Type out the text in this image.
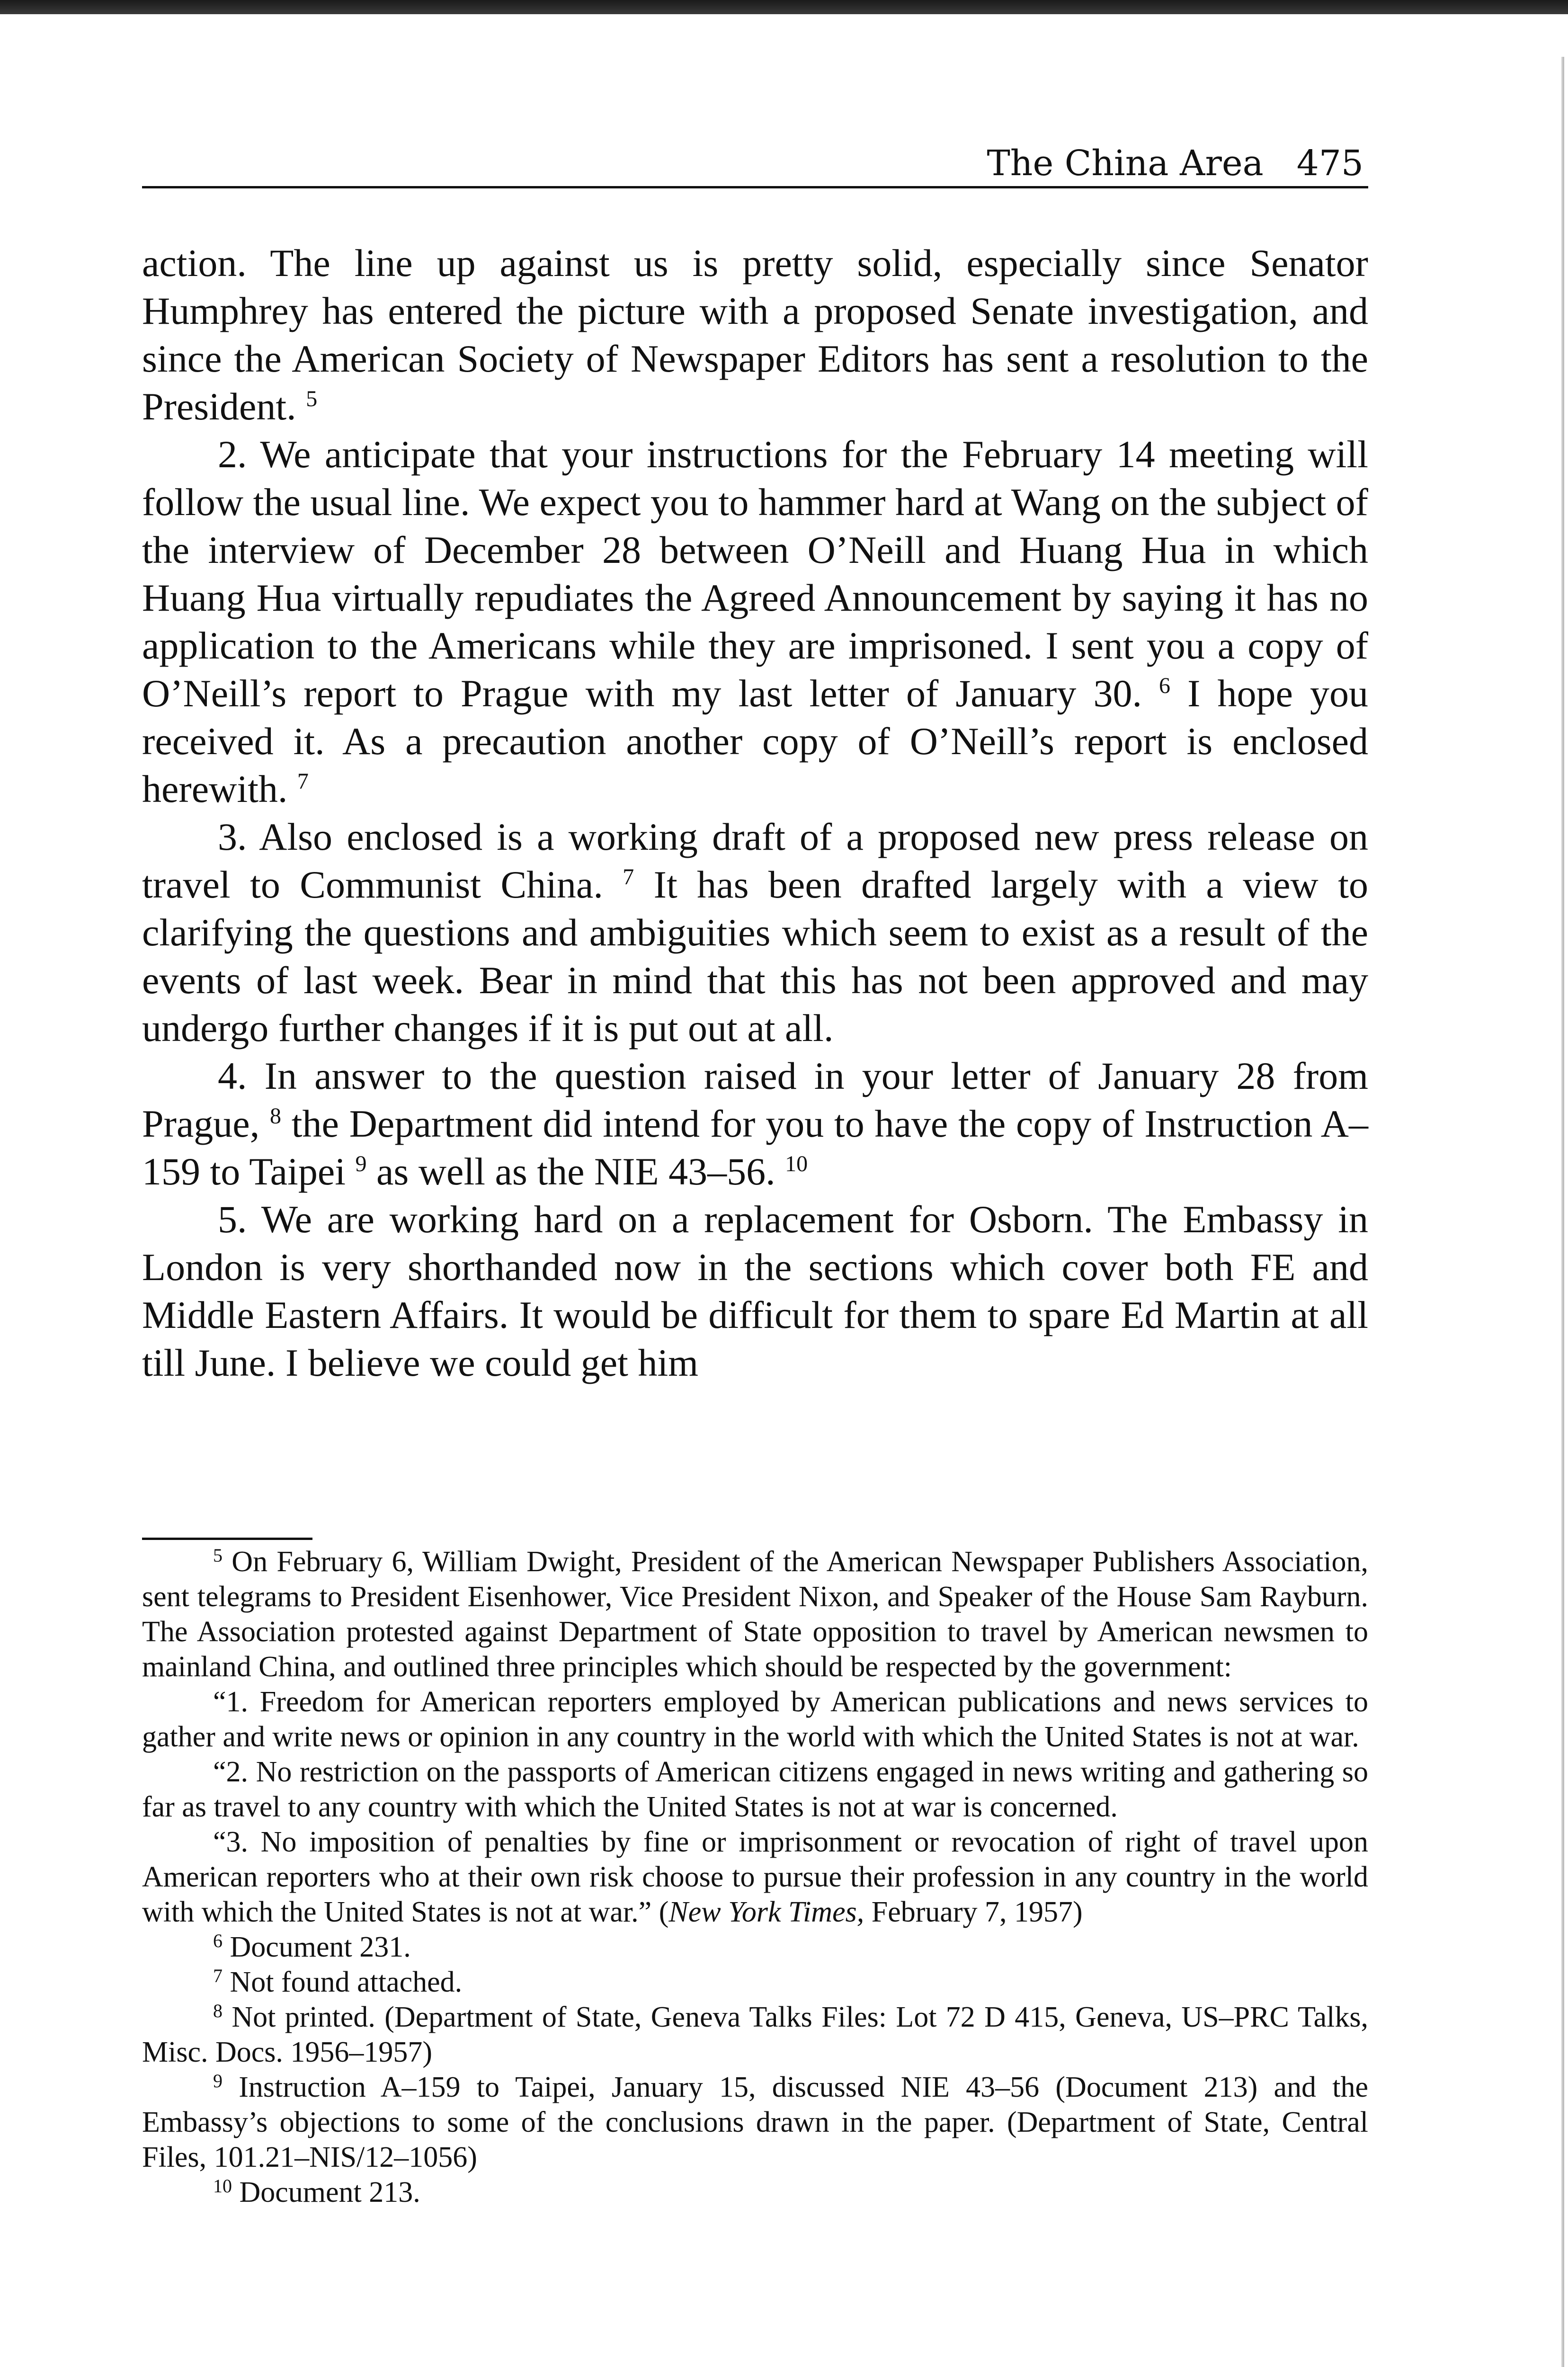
The China Area 475

action. The line up against us is pretty solid, especially since Senator Humphrey has entered the picture with a proposed Senate investigation, and since the American Society of Newspaper Editors has sent a resolution to the President. $^5$

2. We anticipate that your instructions for the February 14 meeting will follow the usual line. We expect you to hammer hard at Wang on the subject of the interview of December 28 between O’Neill and Huang Hua in which Huang Hua virtually repudiates the Agreed Announcement by saying it has no application to the Americans while they are imprisoned. I sent you a copy of O’Neill’s report to Prague with my last letter of January 30. $^6$ I hope you received it. As a precaution another copy of O’Neill’s report is enclosed herewith. $^7$

3. Also enclosed is a working draft of a proposed new press release on travel to Communist China. $^7$ It has been drafted largely with a view to clarifying the questions and ambiguities which seem to exist as a result of the events of last week. Bear in mind that this has not been approved and may undergo further changes if it is put out at all.

4. In answer to the question raised in your letter of January 28 from Prague, $^8$ the Department did intend for you to have the copy of Instruction A–159 to Taipei $^9$ as well as the NIE 43–56. $^{10}$

5. We are working hard on a replacement for Osborn. The Embassy in London is very shorthanded now in the sections which cover both FE and Middle Eastern Affairs. It would be difficult for them to spare Ed Martin at all till June. I believe we could get him

$^5$ On February 6, William Dwight, President of the American Newspaper Publishers Association, sent telegrams to President Eisenhower, Vice President Nixon, and Speaker of the House Sam Rayburn. The Association protested against Department of State opposition to travel by American newsmen to mainland China, and outlined three principles which should be respected by the government:

“1. Freedom for American reporters employed by American publications and news services to gather and write news or opinion in any country in the world with which the United States is not at war.

“2. No restriction on the passports of American citizens engaged in news writing and gathering so far as travel to any country with which the United States is not at war is concerned.

“3. No imposition of penalties by fine or imprisonment or revocation of right of travel upon American reporters who at their own risk choose to pursue their profession in any country in the world with which the United States is not at war.” (New York Times, February 7, 1957)

$^6$ Document 231.

$^7$ Not found attached.

$^8$ Not printed. (Department of State, Geneva Talks Files: Lot 72 D 415, Geneva, US–PRC Talks, Misc. Docs. 1956–1957)

$^9$ Instruction A–159 to Taipei, January 15, discussed NIE 43–56 (Document 213) and the Embassy’s objections to some of the conclusions drawn in the paper. (Department of State, Central Files, 101.21–NIS/12–1056)

$^{10}$ Document 213.
